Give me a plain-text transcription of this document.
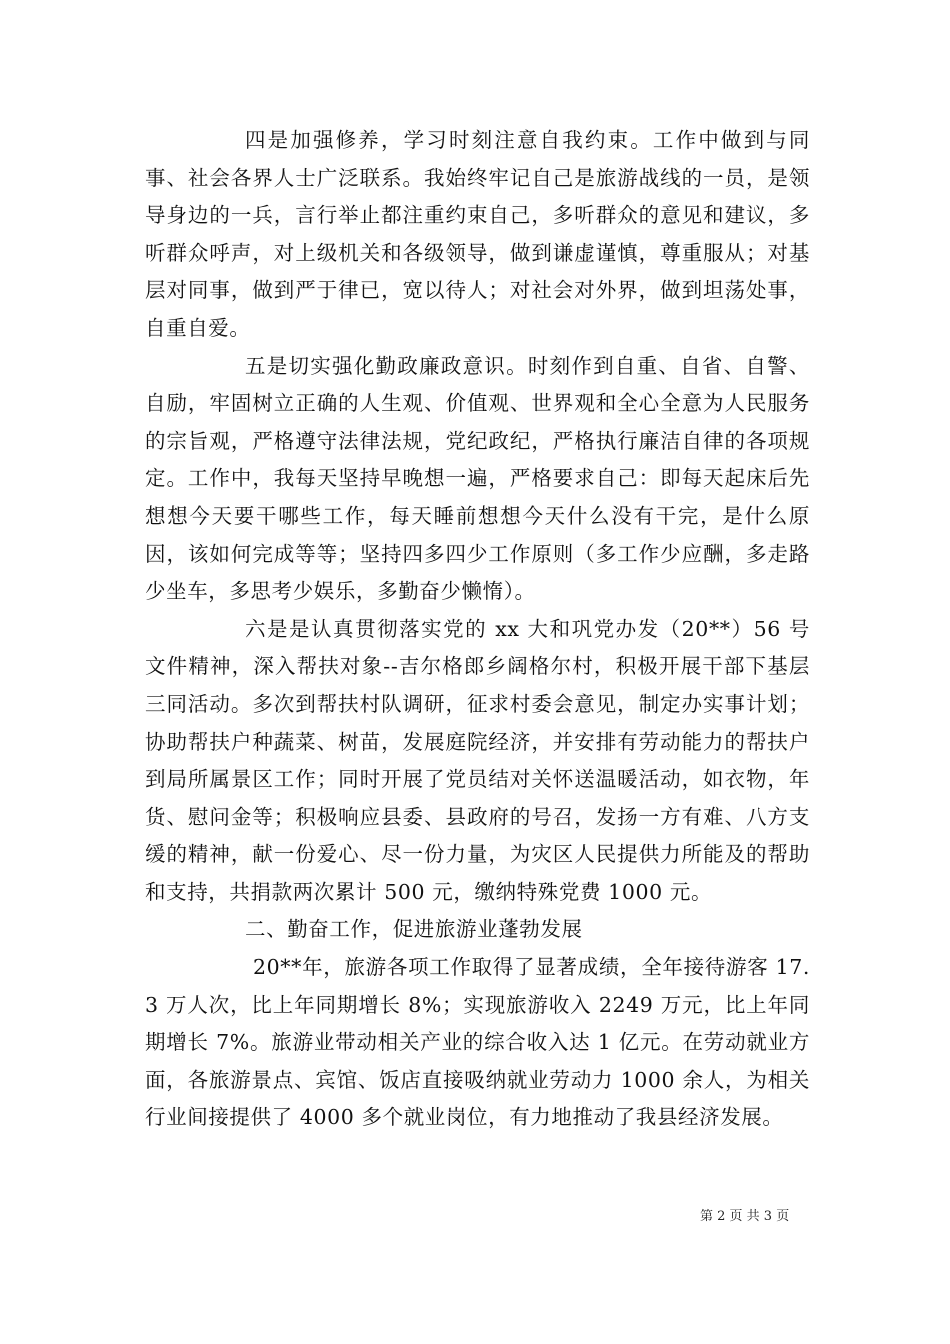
四是加强修养，学习时刻注意自我约束。工作中做到与同事、社会各界人士广泛联系。我始终牢记自己是旅游战线的一员，是领导身边的一兵，言行举止都注重约束自己，多听群众的意见和建议，多听群众呼声，对上级机关和各级领导，做到谦虚谨慎，尊重服从；对基层对同事，做到严于律已，宽以待人；对社会对外界，做到坦荡处事，自重自爱。

五是切实强化勤政廉政意识。时刻作到自重、自省、自警、自励，牢固树立正确的人生观、价值观、世界观和全心全意为人民服务的宗旨观，严格遵守法律法规，党纪政纪，严格执行廉洁自律的各项规定。工作中，我每天坚持早晚想一遍，严格要求自己：即每天起床后先想想今天要干哪些工作，每天睡前想想今天什么没有干完，是什么原因，该如何完成等等；坚持四多四少工作原则（多工作少应酬，多走路少坐车，多思考少娱乐，多勤奋少懒惰）。

六是是认真贯彻落实党的 xx 大和巩党办发（20**）56 号文件精神，深入帮扶对象--吉尔格郎乡阔格尔村，积极开展干部下基层三同活动。多次到帮扶村队调研，征求村委会意见，制定办实事计划；协助帮扶户种蔬菜、树苗，发展庭院经济，并安排有劳动能力的帮扶户到局所属景区工作；同时开展了党员结对关怀送温暖活动，如衣物，年货、慰问金等；积极响应县委、县政府的号召，发扬一方有难、八方支缓的精神，献一份爱心、尽一份力量，为灾区人民提供力所能及的帮助和支持，共捐款两次累计 500 元，缴纳特殊党费 1000 元。

二、勤奋工作，促进旅游业蓬勃发展

20**年，旅游各项工作取得了显著成绩，全年接待游客 17.3 万人次，比上年同期增长 8%；实现旅游收入 2249 万元，比上年同期增长 7%。旅游业带动相关产业的综合收入达 1 亿元。在劳动就业方面，各旅游景点、宾馆、饭店直接吸纳就业劳动力 1000 余人，为相关行业间接提供了 4000 多个就业岗位，有力地推动了我县经济发展。

第 2 页 共 3 页
